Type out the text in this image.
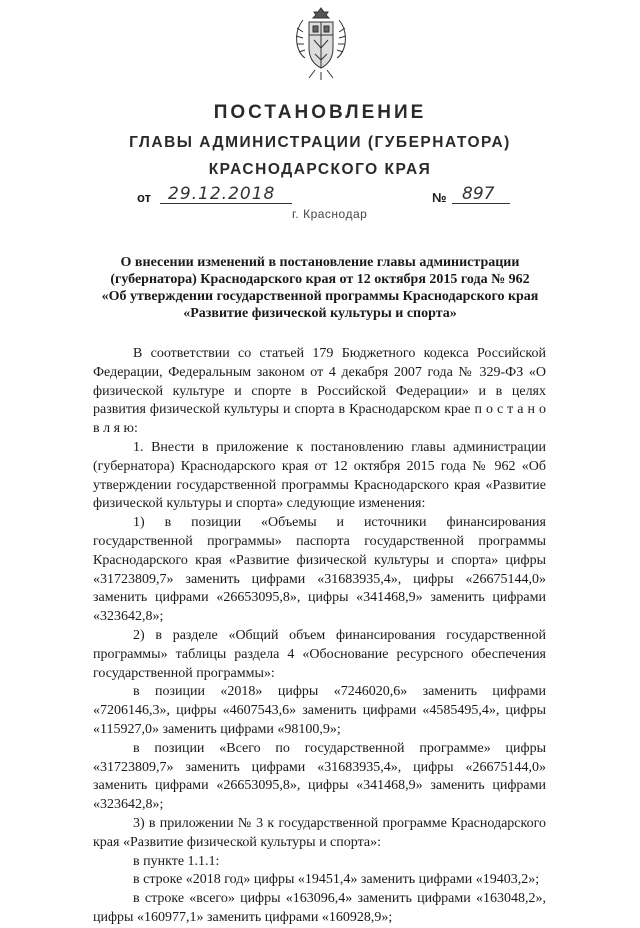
ПОСТАНОВЛЕНИЕ
ГЛАВЫ АДМИНИСТРАЦИИ (ГУБЕРНАТОРА)
КРАСНОДАРСКОГО КРАЯ
от 29.12.2018	№ 897
г. Краснодар
О внесении изменений в постановление главы администрации
(губернатора) Краснодарского края от 12 октября 2015 года № 962
«Об утверждении государственной программы Краснодарского края
«Развитие физической культуры и спорта»

В соответствии со статьей 179 Бюджетного кодекса Российской Федерации, Федеральным законом от 4 декабря 2007 года № 329-ФЗ «О физической культуре и спорте в Российской Федерации» и в целях развития физической культуры и спорта в Краснодарском крае п о с т а н о в л я ю:

1. Внести в приложение к постановлению главы администрации (губернатора) Краснодарского края от 12 октября 2015 года № 962 «Об утверждении государственной программы Краснодарского края «Развитие физической культуры и спорта» следующие изменения:

1) в позиции «Объемы и источники финансирования государственной программы» паспорта государственной программы Краснодарского края «Развитие физической культуры и спорта» цифры «31723809,7» заменить цифрами «31683935,4», цифры «26675144,0» заменить цифрами «26653095,8», цифры «341468,9» заменить цифрами «323642,8»;

2) в разделе «Общий объем финансирования государственной программы» таблицы раздела 4 «Обоснование ресурсного обеспечения государственной программы»:

в позиции «2018» цифры «7246020,6» заменить цифрами «7206146,3», цифры «4607543,6» заменить цифрами «4585495,4», цифры «115927,0» заменить цифрами «98100,9»;

в позиции «Всего по государственной программе» цифры «31723809,7» заменить цифрами «31683935,4», цифры «26675144,0» заменить цифрами «26653095,8», цифры «341468,9» заменить цифрами «323642,8»;

3) в приложении № 3 к государственной программе Краснодарского края «Развитие физической культуры и спорта»:

в пункте 1.1.1:

в строке «2018 год» цифры «19451,4» заменить цифрами «19403,2»;

в строке «всего» цифры «163096,4» заменить цифрами «163048,2», цифры «160977,1» заменить цифрами «160928,9»;
